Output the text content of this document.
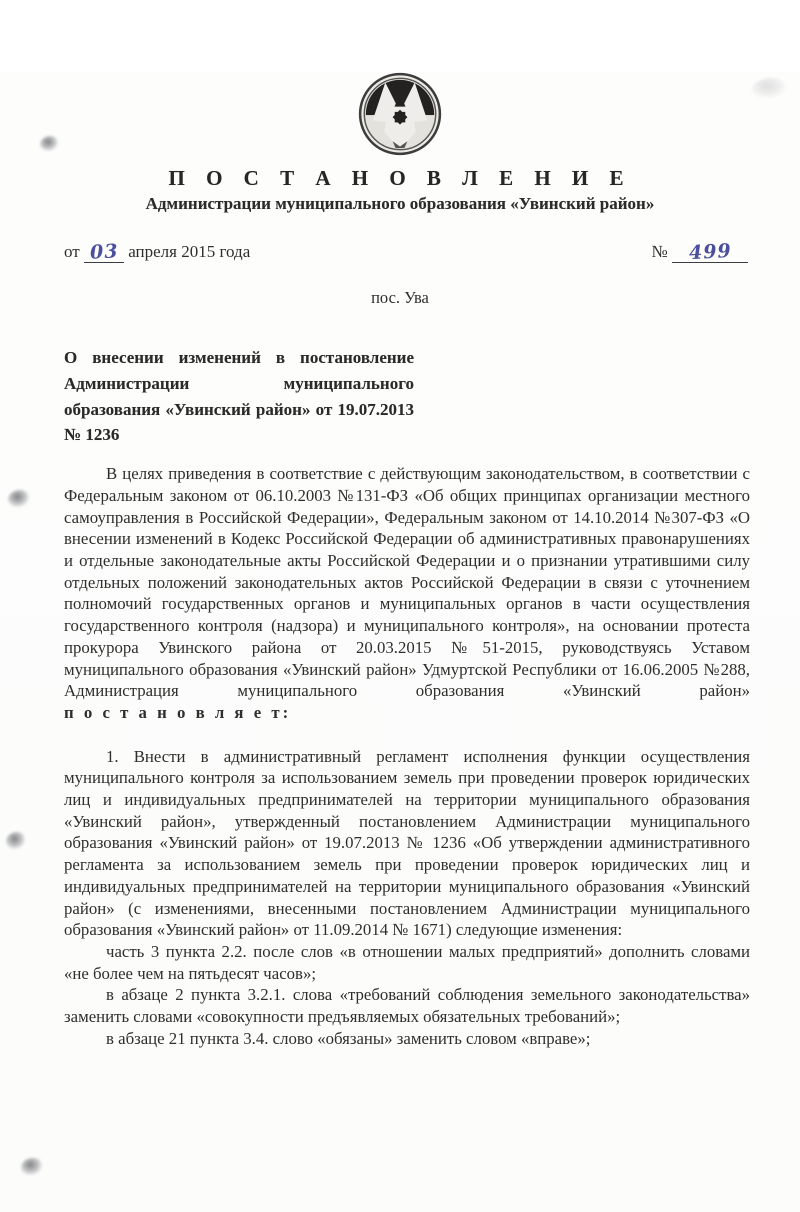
П О С Т А Н О В Л Е Н И Е
Администрации муниципального образования «Увинский район»
от 03 апреля 2015 года	№ 499
пос. Ува
О внесении изменений в постановление Администрации муниципального образования «Увинский район» от 19.07.2013 № 1236

В целях приведения в соответствие с действующим законодательством, в соответствии с Федеральным законом от 06.10.2003 №131-ФЗ «Об общих принципах организации местного самоуправления в Российской Федерации», Федеральным законом от 14.10.2014 №307-ФЗ «О внесении изменений в Кодекс Российской Федерации об административных правонарушениях и отдельные законодательные акты Российской Федерации и о признании утратившими силу отдельных положений законодательных актов Российской Федерации в связи с уточнением полномочий государственных органов и муниципальных органов в части осуществления государственного контроля (надзора) и муниципального контроля», на основании протеста прокурора Увинского района от 20.03.2015 №51-2015, руководствуясь Уставом муниципального образования «Увинский район» Удмуртской Республики от 16.06.2005 №288, Администрация муниципального образования «Увинский район» п о с т а н о в л я е т:

1. Внести в административный регламент исполнения функции осуществления муниципального контроля за использованием земель при проведении проверок юридических лиц и индивидуальных предпринимателей на территории муниципального образования «Увинский район», утвержденный постановлением Администрации муниципального образования «Увинский район» от 19.07.2013 № 1236 «Об утверждении административного регламента за использованием земель при проведении проверок юридических лиц и индивидуальных предпринимателей на территории муниципального образования «Увинский район» (с изменениями, внесенными постановлением Администрации муниципального образования «Увинский район» от 11.09.2014 № 1671) следующие изменения:

часть 3 пункта 2.2. после слов «в отношении малых предприятий» дополнить словами «не более чем на пятьдесят часов»;

в абзаце 2 пункта 3.2.1. слова «требований соблюдения земельного законодательства» заменить словами «совокупности предъявляемых обязательных требований»;

в абзаце 21 пункта 3.4. слово «обязаны» заменить словом «вправе»;
